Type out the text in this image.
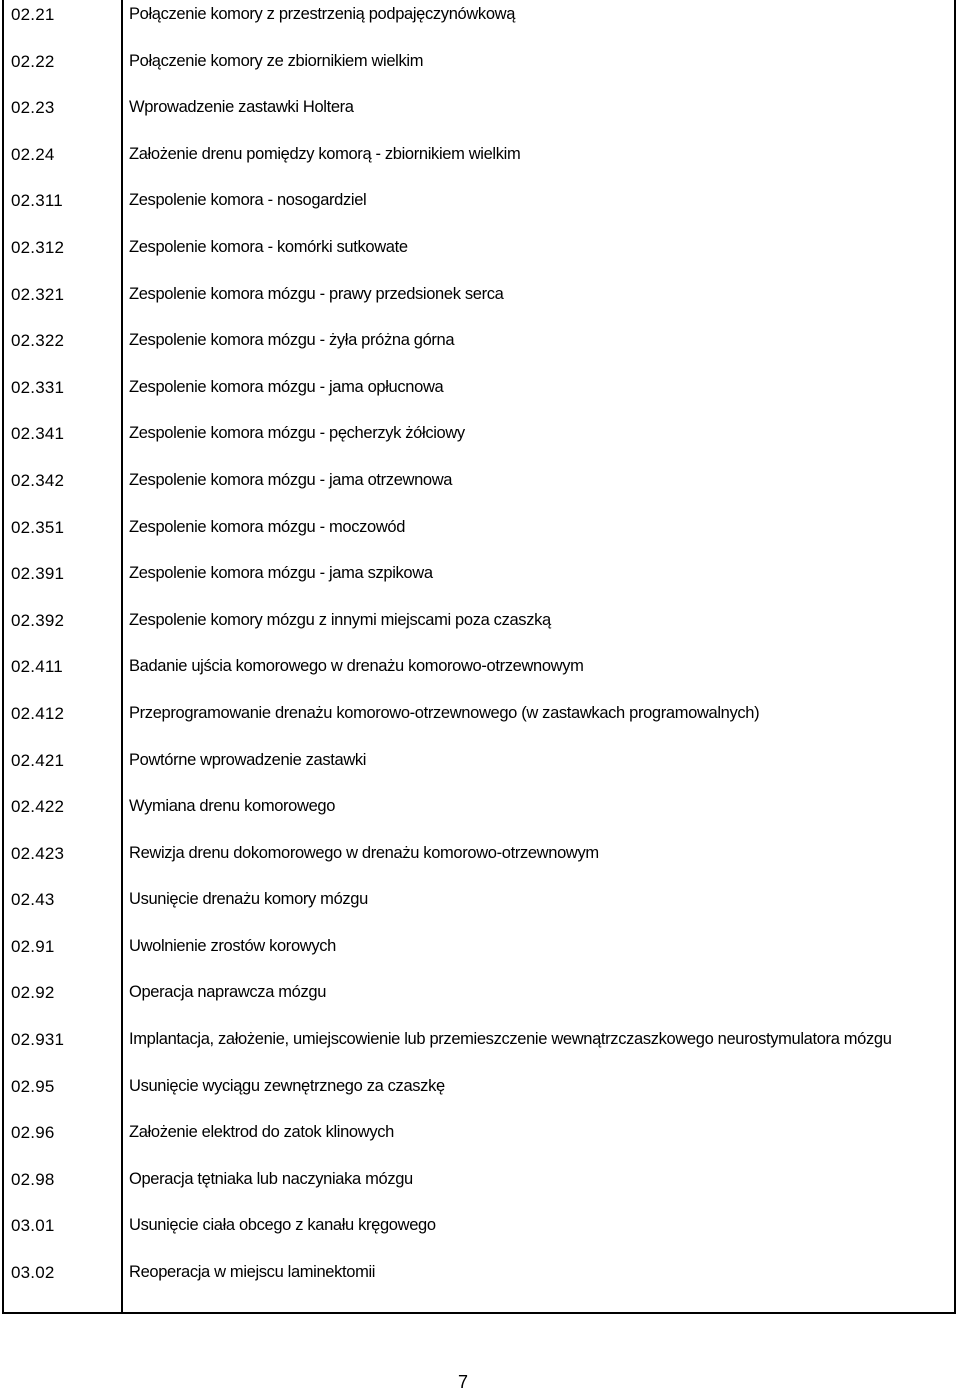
02.21	Połączenie komory z przestrzenią podpajęczynówkową
02.22	Połączenie komory ze zbiornikiem wielkim
02.23	Wprowadzenie zastawki Holtera
02.24	Założenie drenu pomiędzy komorą - zbiornikiem wielkim
02.311	Zespolenie komora - nosogardziel
02.312	Zespolenie komora - komórki sutkowate
02.321	Zespolenie komora mózgu - prawy przedsionek serca
02.322	Zespolenie komora mózgu - żyła próżna górna
02.331	Zespolenie komora mózgu - jama opłucnowa
02.341	Zespolenie komora mózgu - pęcherzyk żółciowy
02.342	Zespolenie komora mózgu - jama otrzewnowa
02.351	Zespolenie komora mózgu - moczowód
02.391	Zespolenie komora mózgu - jama szpikowa
02.392	Zespolenie komory mózgu z innymi miejscami poza czaszką
02.411	Badanie ujścia komorowego w drenażu komorowo-otrzewnowym
02.412	Przeprogramowanie drenażu komorowo-otrzewnowego (w zastawkach programowalnych)
02.421	Powtórne wprowadzenie zastawki
02.422	Wymiana drenu komorowego
02.423	Rewizja drenu dokomorowego w drenażu komorowo-otrzewnowym
02.43	Usunięcie drenażu komory mózgu
02.91	Uwolnienie zrostów korowych
02.92	Operacja naprawcza mózgu
02.931	Implantacja, założenie, umiejscowienie lub przemieszczenie wewnątrzczaszkowego neurostymulatora mózgu
02.95	Usunięcie wyciągu zewnętrznego za czaszkę
02.96	Założenie elektrod do zatok klinowych
02.98	Operacja tętniaka lub naczyniaka mózgu
03.01	Usunięcie ciała obcego z kanału kręgowego
03.02	Reoperacja w miejscu laminektomii
7
